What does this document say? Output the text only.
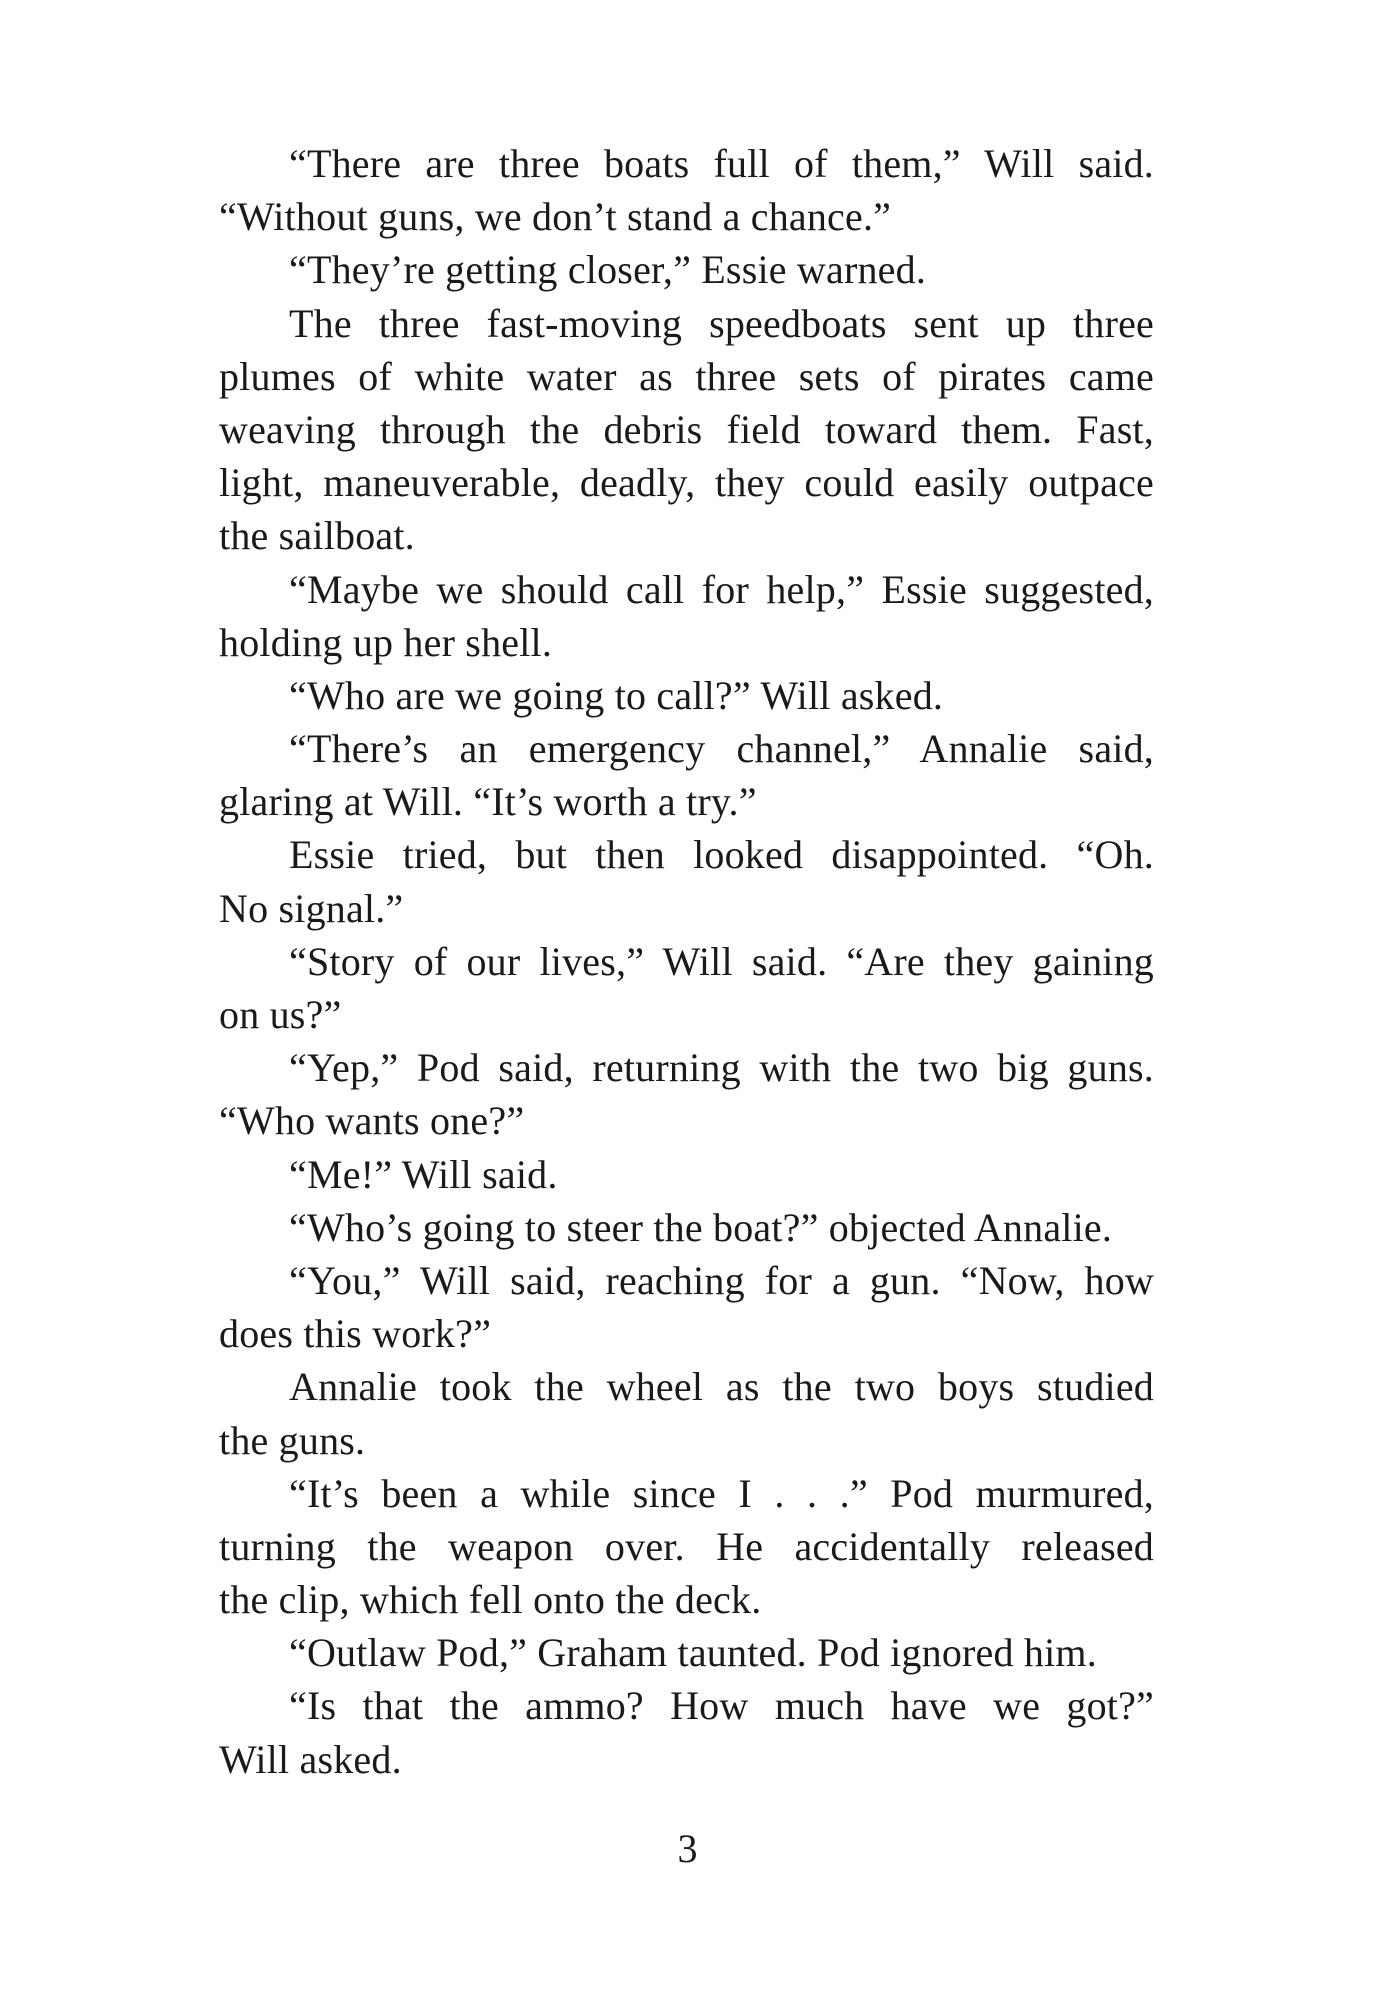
“There are three boats full of them,” Will said.
“Without guns, we don’t stand a chance.”
“They’re getting closer,” Essie warned.
The three fast-moving speedboats sent up three
plumes of white water as three sets of pirates came
weaving through the debris field toward them. Fast,
light, maneuverable, deadly, they could easily outpace
the sailboat.
“Maybe we should call for help,” Essie suggested,
holding up her shell.
“Who are we going to call?” Will asked.
“There’s an emergency channel,” Annalie said,
glaring at Will. “It’s worth a try.”
Essie tried, but then looked disappointed. “Oh.
No signal.”
“Story of our lives,” Will said. “Are they gaining
on us?”
“Yep,” Pod said, returning with the two big guns.
“Who wants one?”
“Me!” Will said.
“Who’s going to steer the boat?” objected Annalie.
“You,” Will said, reaching for a gun. “Now, how
does this work?”
Annalie took the wheel as the two boys studied
the guns.
“It’s been a while since I . . .” Pod murmured,
turning the weapon over. He accidentally released
the clip, which fell onto the deck.
“Outlaw Pod,” Graham taunted. Pod ignored him.
“Is that the ammo? How much have we got?”
Will asked.
3
